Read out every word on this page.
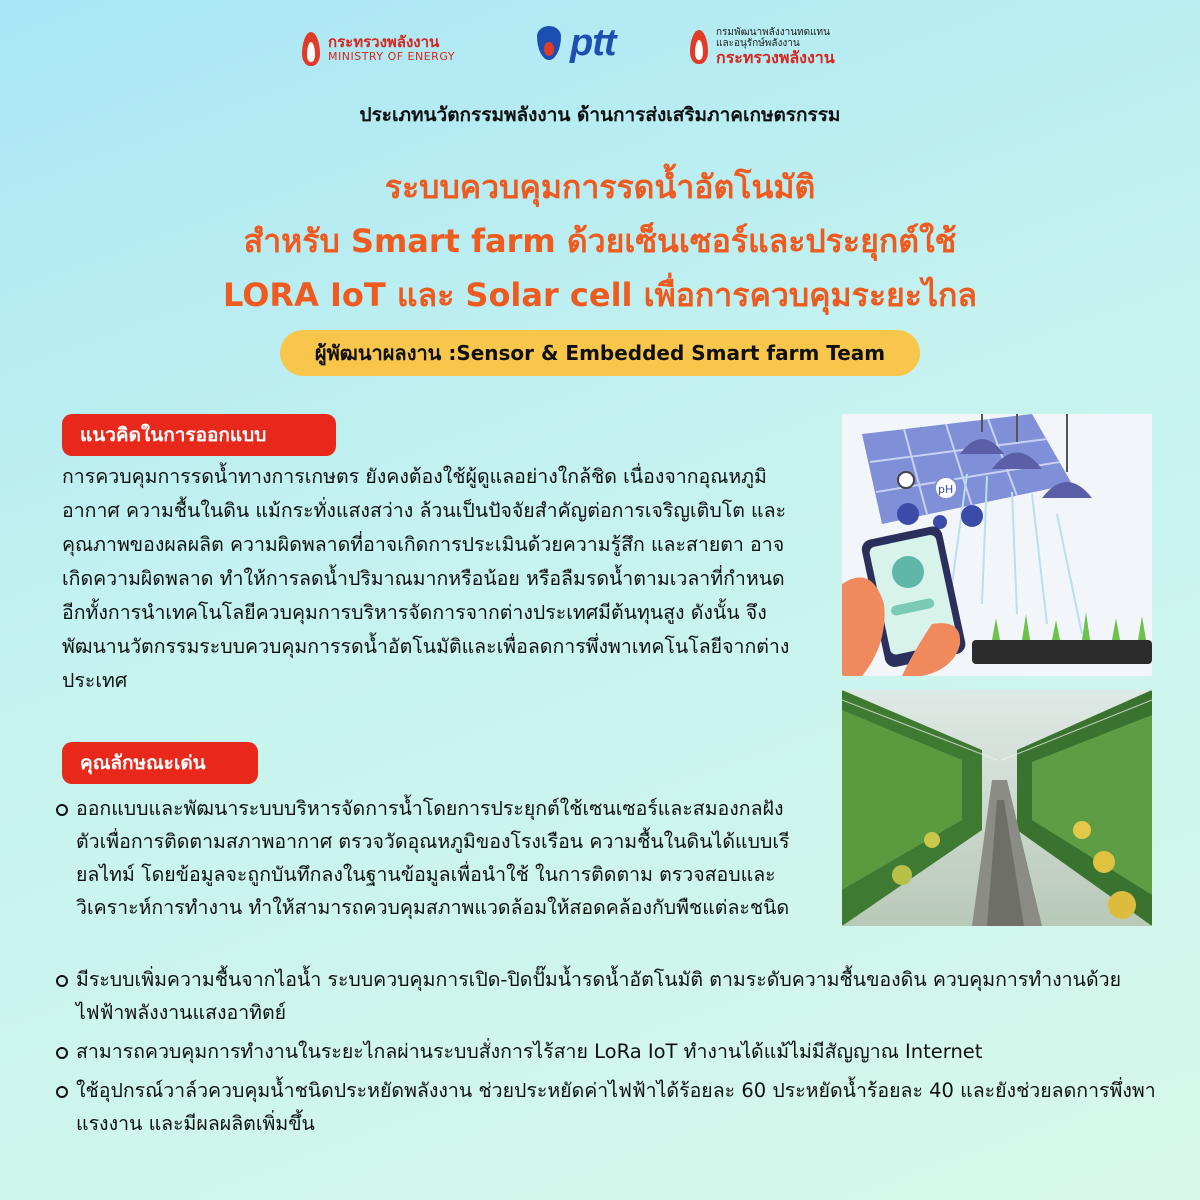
กระทรวงพลังงาน
MINISTRY OF ENERGY	ptt	กรมพัฒนาพลังงานทดแทน
และอนุรักษ์พลังงาน
กระทรวงพลังงาน
ประเภทนวัตกรรมพลังงาน ด้านการส่งเสริมภาคเกษตรกรรม
ระบบควบคุมการรดน้ำอัตโนมัติ
สำหรับ Smart farm ด้วยเซ็นเซอร์และประยุกต์ใช้
LORA IoT และ Solar cell เพื่อการควบคุมระยะไกล
ผู้พัฒนาผลงาน :Sensor & Embedded Smart farm Team
แนวคิดในการออกแบบ
การควบคุมการรดน้ำทางการเกษตร ยังคงต้องใช้ผู้ดูแลอย่างใกล้ชิด เนื่องจากอุณหภูมิอากาศ ความชื้นในดิน แม้กระทั่งแสงสว่าง ล้วนเป็นปัจจัยสำคัญต่อการเจริญเติบโต และคุณภาพของผลผลิต ความผิดพลาดที่อาจเกิดการประเมินด้วยความรู้สึก และสายตา อาจเกิดความผิดพลาด ทำให้การลดน้ำปริมาณมากหรือน้อย หรือลืมรดน้ำตามเวลาที่กำหนด อีกทั้งการนำเทคโนโลยีควบคุมการบริหารจัดการจากต่างประเทศมีต้นทุนสูง ดังนั้น จึงพัฒนานวัตกรรมระบบควบคุมการรดน้ำอัตโนมัติและเพื่อลดการพึ่งพาเทคโนโลยีจากต่างประเทศ
คุณลักษณะเด่น
ออกแบบและพัฒนาระบบบริหารจัดการน้ำโดยการประยุกต์ใช้เซนเซอร์และสมองกลฝังตัวเพื่อการติดตามสภาพอากาศ ตรวจวัดอุณหภูมิของโรงเรือน ความชื้นในดินได้แบบเรียลไทม์ โดยข้อมูลจะถูกบันทึกลงในฐานข้อมูลเพื่อนำใช้ ในการติดตาม ตรวจสอบและวิเคราะห์การทำงาน ทำให้สามารถควบคุมสภาพแวดล้อมให้สอดคล้องกับพืชแต่ละชนิด
มีระบบเพิ่มความชื้นจากไอน้ำ ระบบควบคุมการเปิด-ปิดปั๊มน้ำรดน้ำอัตโนมัติ ตามระดับความชื้นของดิน ควบคุมการทำงานด้วยไฟฟ้าพลังงานแสงอาทิตย์
สามารถควบคุมการทำงานในระยะไกลผ่านระบบสั่งการไร้สาย LoRa IoT ทำงานได้แม้ไม่มีสัญญาณ Internet
ใช้อุปกรณ์วาล์วควบคุมน้ำชนิดประหยัดพลังงาน ช่วยประหยัดค่าไฟฟ้าได้ร้อยละ 60 ประหยัดน้ำร้อยละ 40 และยังช่วยลดการพึ่งพาแรงงาน และมีผลผลิตเพิ่มขึ้น
pH
